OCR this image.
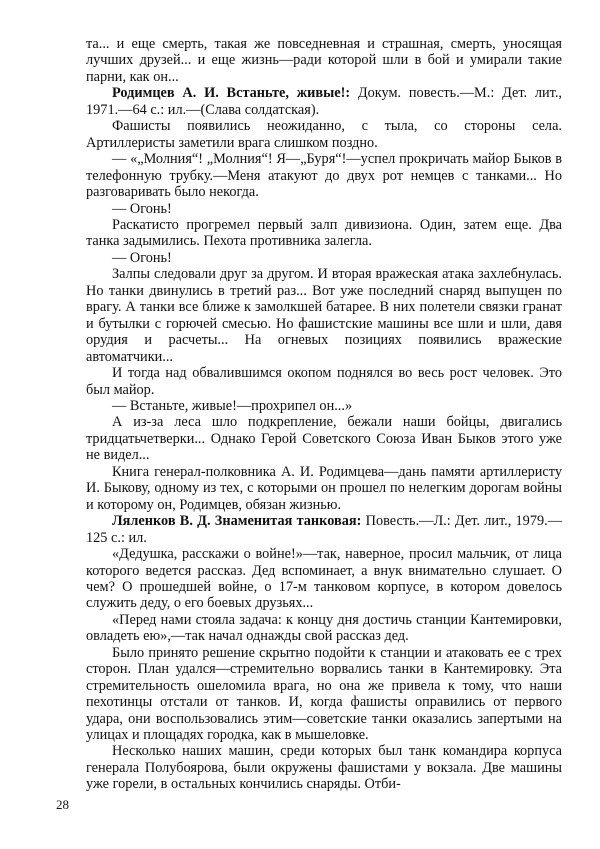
та... и еще смерть, такая же повседневная и страшная, смерть, уносящая лучших друзей... и еще жизнь—ради которой шли в бой и умирали такие парни, как он...

Родимцев А. И. Встаньте, живые!: Докум. повесть.—М.: Дет. лит., 1971.—64 с.: ил.—(Слава солдатская).

Фашисты появились неожиданно, с тыла, со стороны села. Артиллеристы заметили врага слишком поздно.

— «„Молния“! „Молния“! Я—„Буря“!—успел прокричать майор Быков в телефонную трубку.—Меня атакуют до двух рот немцев с танками... Но разговаривать было некогда.

— Огонь!

Раскатисто прогремел первый залп дивизиона. Один, затем еще. Два танка задымились. Пехота противника залегла.

— Огонь!

Залпы следовали друг за другом. И вторая вражеская атака захлебнулась. Но танки двинулись в третий раз... Вот уже последний снаряд выпущен по врагу. А танки все ближе к замолкшей батарее. В них полетели связки гранат и бутылки с горючей смесью. Но фашистские машины все шли и шли, давя орудия и расчеты... На огневых позициях появились вражеские автоматчики...

И тогда над обвалившимся окопом поднялся во весь рост человек. Это был майор.

— Встаньте, живые!—прохрипел он...»

А из-за леса шло подкрепление, бежали наши бойцы, двигались тридцатьчетверки... Однако Герой Советского Союза Иван Быков этого уже не видел...

Книга генерал-полковника А. И. Родимцева—дань памяти артиллеристу И. Быкову, одному из тех, с которыми он прошел по нелегким дорогам войны и которому он, Родимцев, обязан жизнью.

Ляленков В. Д. Знаменитая танковая: Повесть.—Л.: Дет. лит., 1979.—125 с.: ил.

«Дедушка, расскажи о войне!»—так, наверное, просил мальчик, от лица которого ведется рассказ. Дед вспоминает, а внук внимательно слушает. О чем? О прошедшей войне, о 17-м танковом корпусе, в котором довелось служить деду, о его боевых друзьях...

«Перед нами стояла задача: к концу дня достичь станции Кантемировки, овладеть ею»,—так начал однажды свой рассказ дед.

Было принято решение скрытно подойти к станции и атаковать ее с трех сторон. План удался—стремительно ворвались танки в Кантемировку. Эта стремительность ошеломила врага, но она же привела к тому, что наши пехотинцы отстали от танков. И, когда фашисты оправились от первого удара, они воспользовались этим—советские танки оказались запертыми на улицах и площадях городка, как в мышеловке.

Несколько наших машин, среди которых был танк командира корпуса генерала Полубоярова, были окружены фашистами у вокзала. Две машины уже горели, в остальных кончились снаряды. Отби-

28
